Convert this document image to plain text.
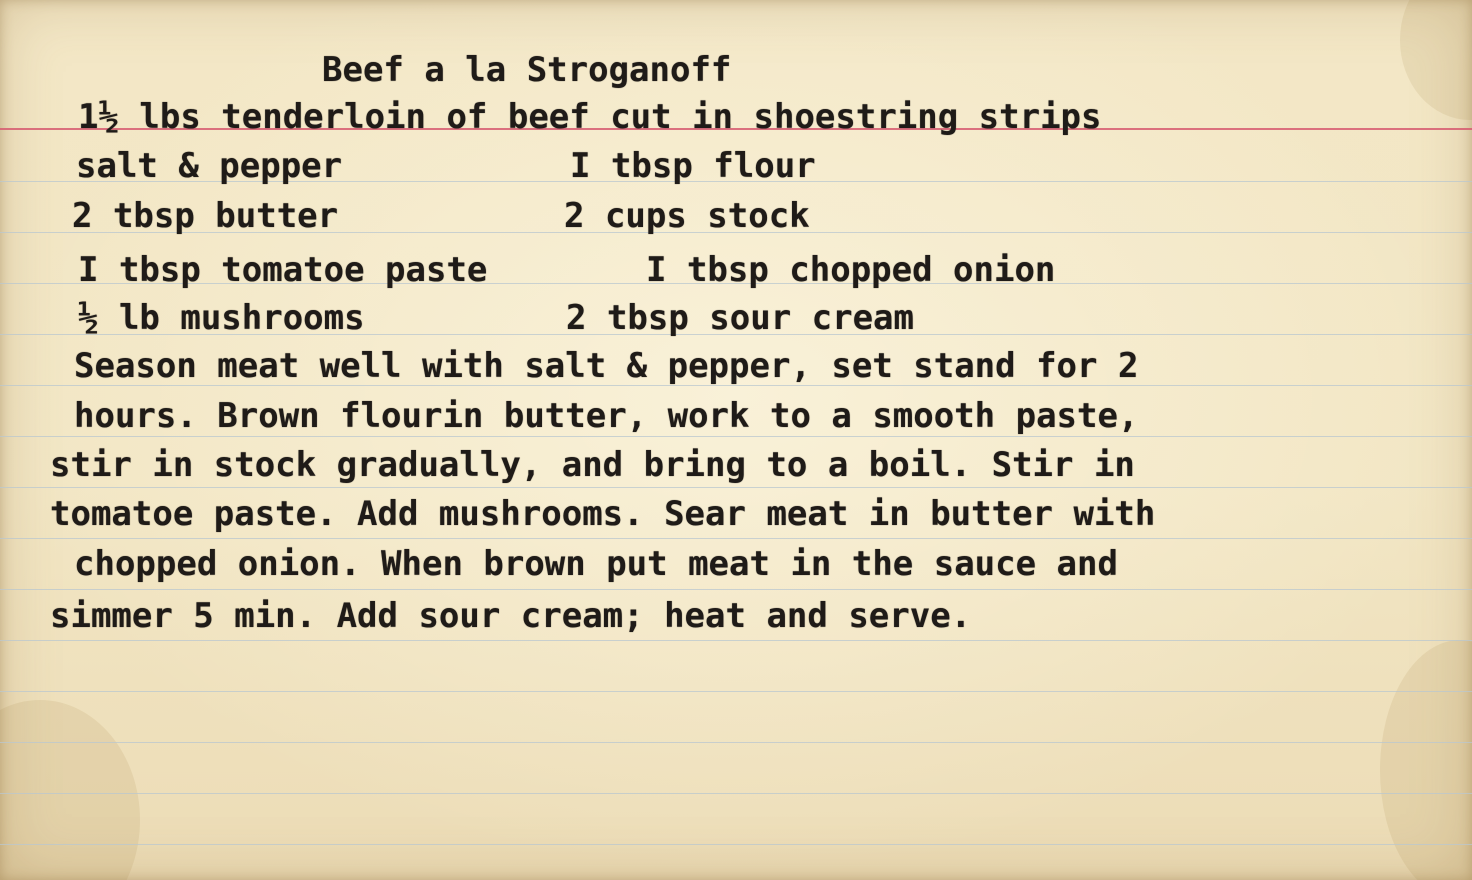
Beef a la Stroganoff
1½ lbs tenderloin of beef cut in shoestring strips
salt & pepper	I tbsp flour
2 tbsp butter	2 cups stock
I tbsp tomatoe paste	I tbsp chopped onion
½ lb mushrooms	2 tbsp sour cream
Season meat well with salt & pepper, set stand for 2
hours. Brown flourin butter, work to a smooth paste,
stir in stock gradually, and bring to a boil. Stir in
tomatoe paste. Add mushrooms. Sear meat in butter with
chopped onion. When brown put meat in the sauce and
simmer 5 min. Add sour cream; heat and serve.
